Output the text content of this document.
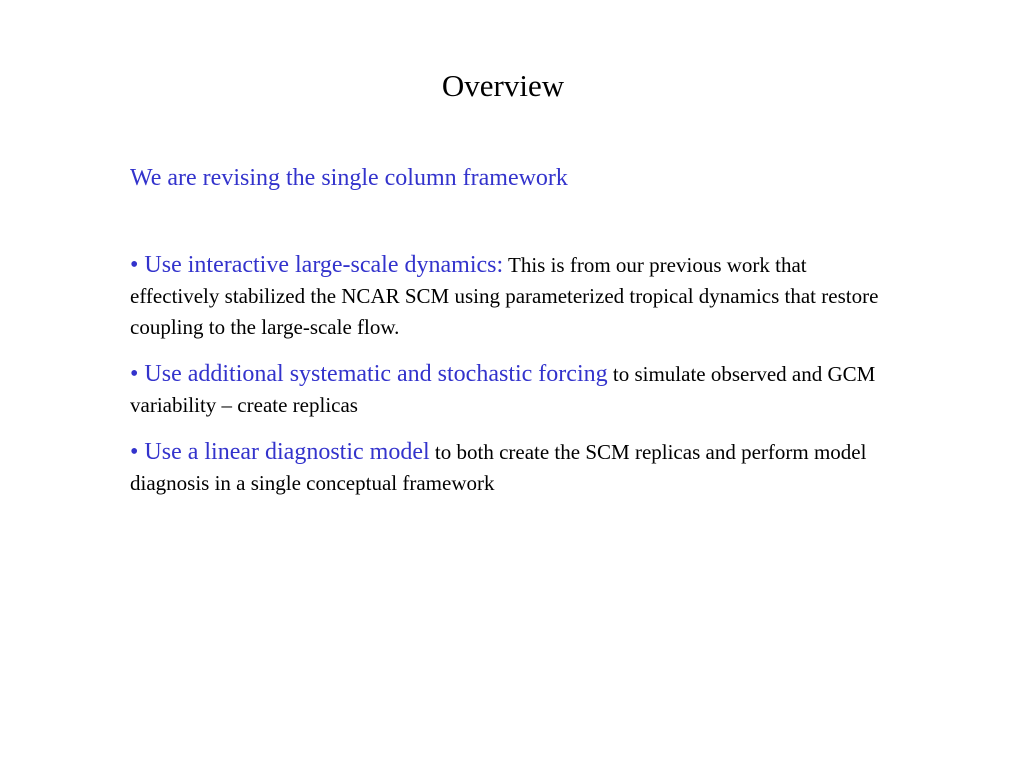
Overview

We are revising the single column framework

• Use interactive large-scale dynamics: This is from our previous work that effectively stabilized the NCAR SCM using parameterized tropical dynamics that restore coupling to the large-scale flow.
• Use additional systematic and stochastic forcing to simulate observed and GCM variability – create replicas
• Use a linear diagnostic model to both create the SCM replicas and perform model diagnosis in a single conceptual framework
